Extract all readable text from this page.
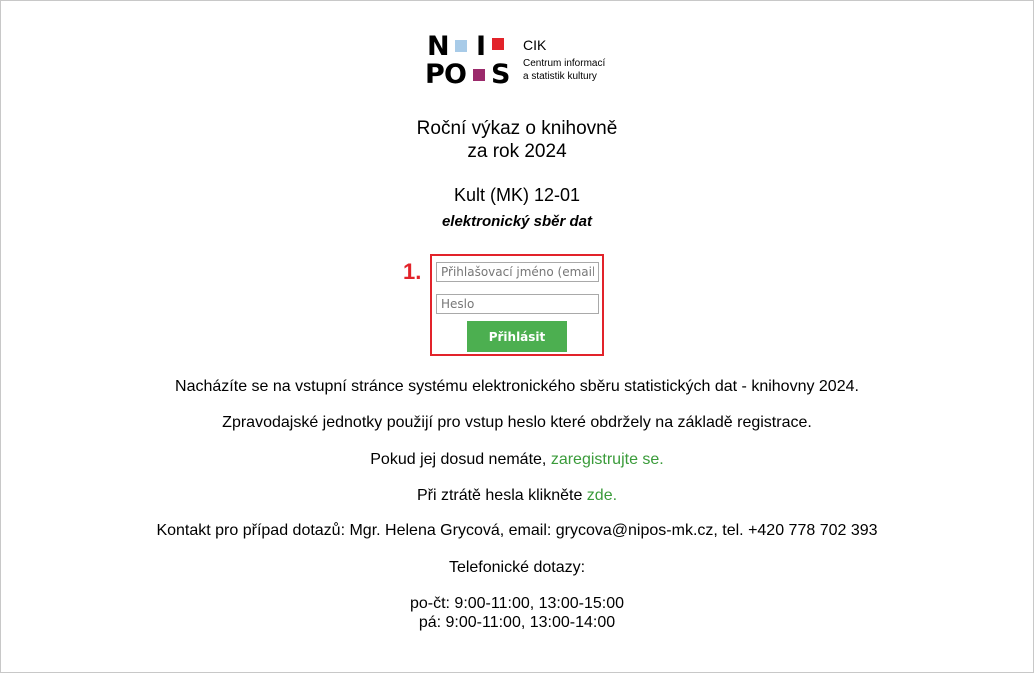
N I
P O S
CIK
Centrum informací
a statistik kultury
Roční výkaz o knihovně
za rok 2024
Kult (MK) 12-01
elektronický sběr dat
1.
Přihlašovací jméno (email)
Přihlásit
Nacházíte se na vstupní stránce systému elektronického sběru statistických dat - knihovny 2024.
Zpravodajské jednotky použijí pro vstup heslo které obdržely na základě registrace.
Pokud jej dosud nemáte, zaregistrujte se.
Při ztrátě hesla klikněte zde.
Kontakt pro případ dotazů: Mgr. Helena Grycová, email: grycova@nipos-mk.cz, tel. +420 778 702 393
Telefonické dotazy:
po-čt: 9:00-11:00, 13:00-15:00
pá: 9:00-11:00, 13:00-14:00
